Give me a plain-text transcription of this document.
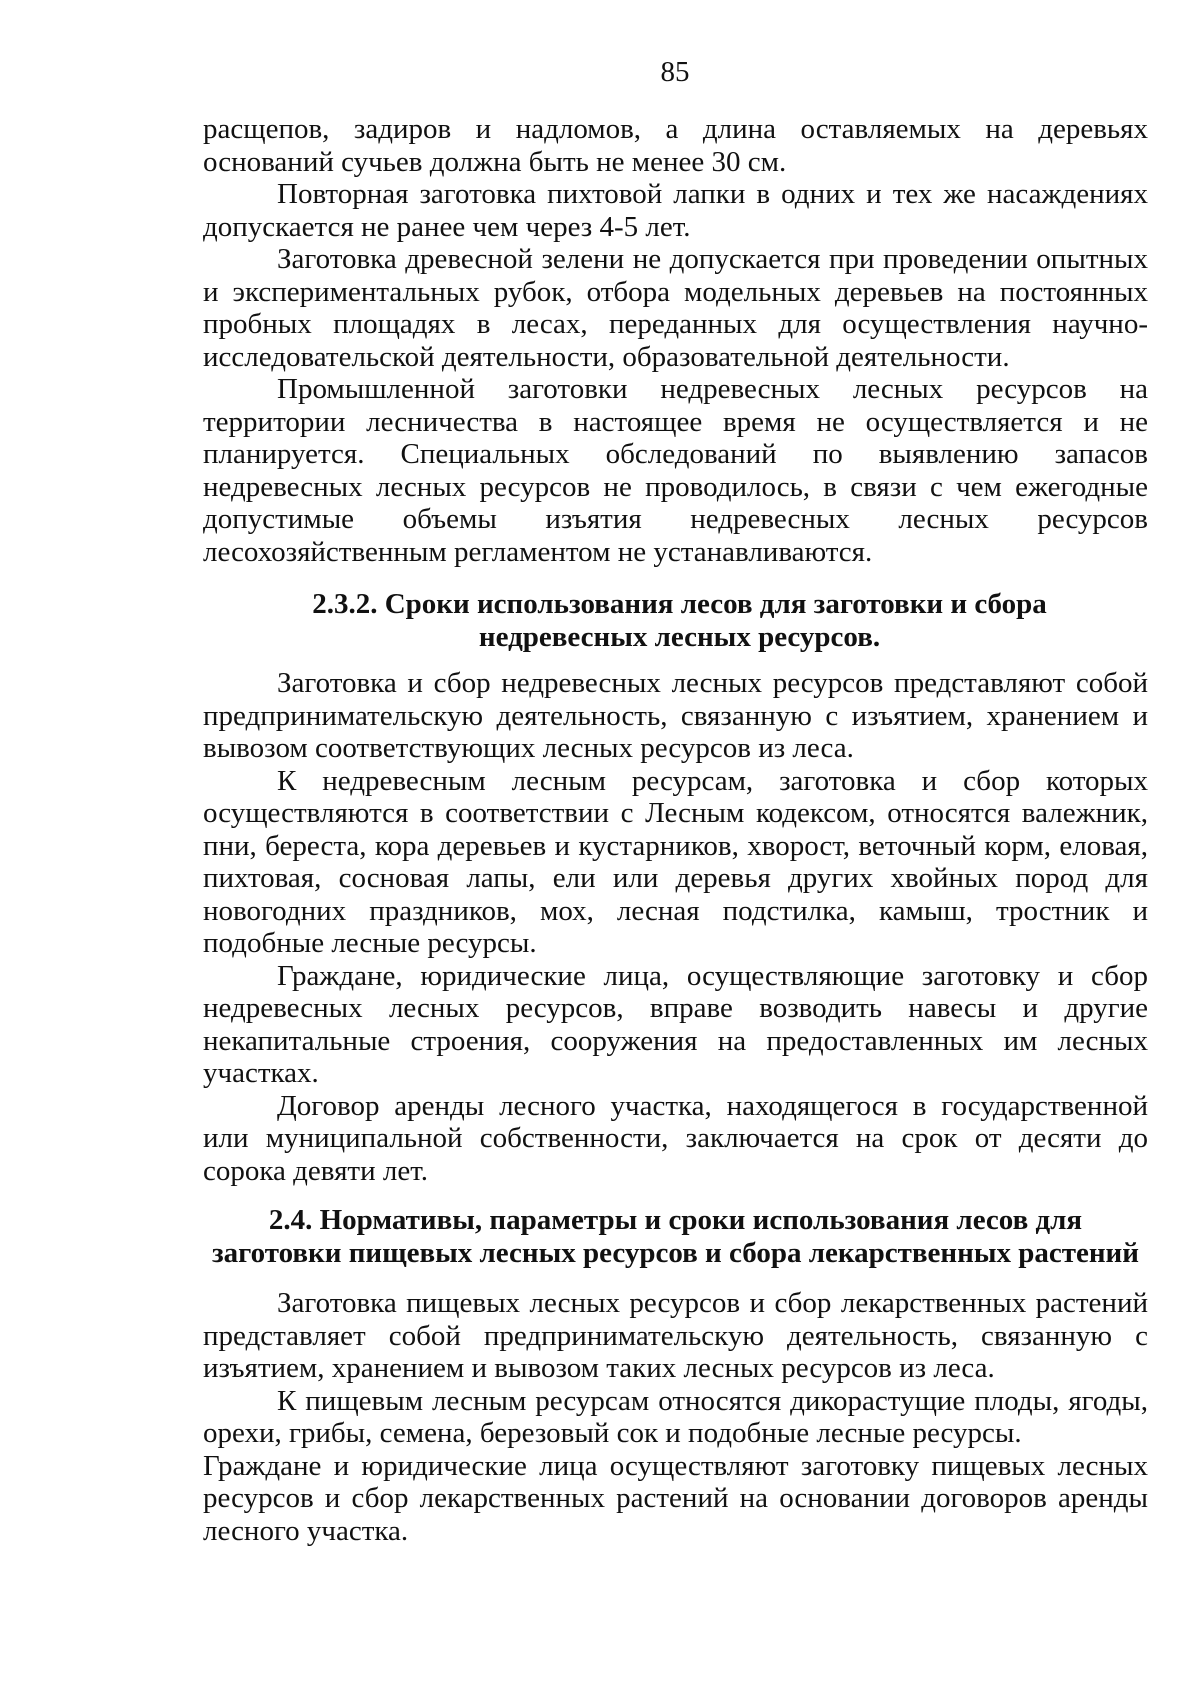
85

расщепов, задиров и надломов, а длина оставляемых на деревьях оснований сучьев должна быть не менее 30 см.

Повторная заготовка пихтовой лапки в одних и тех же насаждениях допускается не ранее чем через 4-5 лет.

Заготовка древесной зелени не допускается при проведении опытных и экспериментальных рубок, отбора модельных деревьев на постоянных пробных площадях в лесах, переданных для осуществления научно-исследовательской деятельности, образовательной деятельности.

Промышленной заготовки недревесных лесных ресурсов на территории лесничества в настоящее время не осуществляется и не планируется. Специальных обследований по выявлению запасов недревесных лесных ресурсов не проводилось, в связи с чем ежегодные допустимые объемы изъятия недревесных лесных ресурсов лесохозяйственным регламентом не устанавливаются.

2.3.2. Сроки использования лесов для заготовки и сбора недревесных лесных ресурсов.

Заготовка и сбор недревесных лесных ресурсов представляют собой предпринимательскую деятельность, связанную с изъятием, хранением и вывозом соответствующих лесных ресурсов из леса.

К недревесным лесным ресурсам, заготовка и сбор которых осуществляются в соответствии с Лесным кодексом, относятся валежник, пни, береста, кора деревьев и кустарников, хворост, веточный корм, еловая, пихтовая, сосновая лапы, ели или деревья других хвойных пород для новогодних праздников, мох, лесная подстилка, камыш, тростник и подобные лесные ресурсы.

Граждане, юридические лица, осуществляющие заготовку и сбор недревесных лесных ресурсов, вправе возводить навесы и другие некапитальные строения, сооружения на предоставленных им лесных участках.

Договор аренды лесного участка, находящегося в государственной или муниципальной собственности, заключается на срок от десяти до сорока девяти лет.

2.4. Нормативы, параметры и сроки использования лесов для заготовки пищевых лесных ресурсов и сбора лекарственных растений

Заготовка пищевых лесных ресурсов и сбор лекарственных растений представляет собой предпринимательскую деятельность, связанную с изъятием, хранением и вывозом таких лесных ресурсов из леса.

К пищевым лесным ресурсам относятся дикорастущие плоды, ягоды, орехи, грибы, семена, березовый сок и подобные лесные ресурсы.

Граждане и юридические лица осуществляют заготовку пищевых лесных ресурсов и сбор лекарственных растений на основании договоров аренды лесного участка.
